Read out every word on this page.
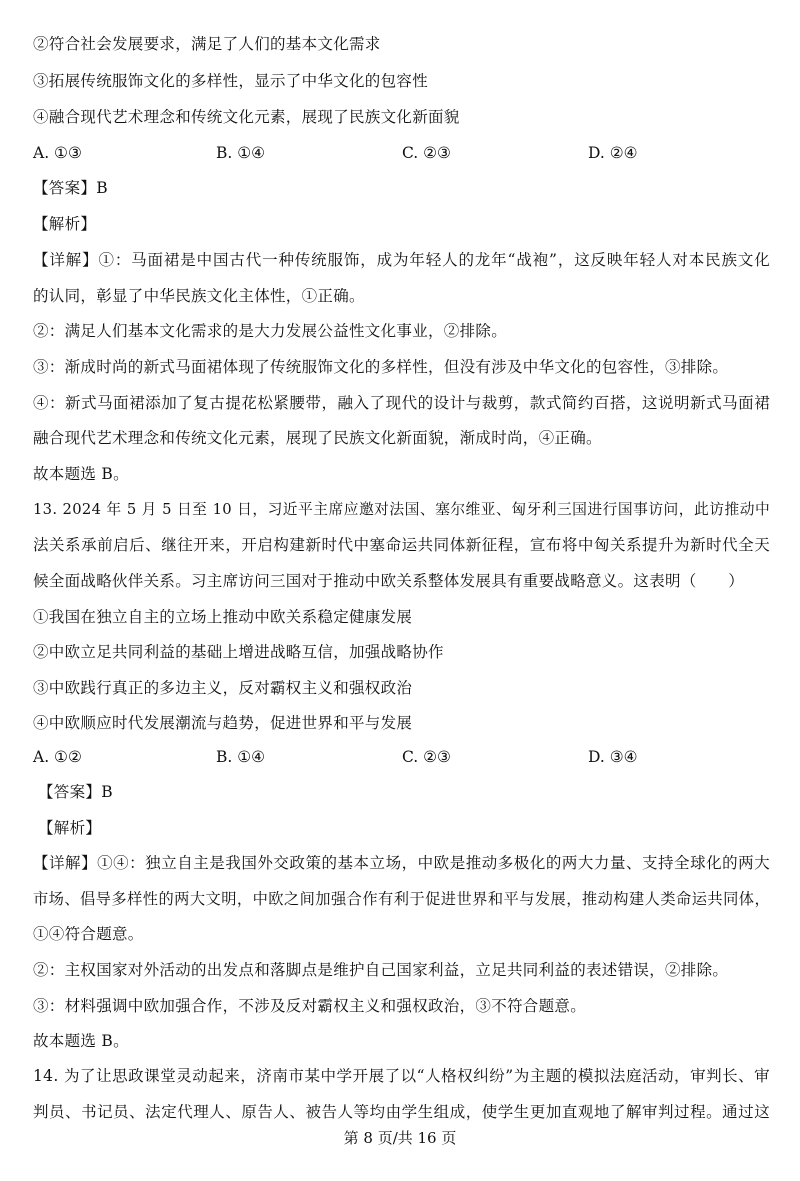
②符合社会发展要求，满足了人们的基本文化需求
③拓展传统服饰文化的多样性，显示了中华文化的包容性
④融合现代艺术理念和传统文化元素，展现了民族文化新面貌
A. ①③	B. ①④	C. ②③	D. ②④
【答案】B
【解析】
【详解】①：马面裙是中国古代一种传统服饰，成为年轻人的龙年“战袍”，这反映年轻人对本民族文化
的认同，彰显了中华民族文化主体性，①正确。
②：满足人们基本文化需求的是大力发展公益性文化事业，②排除。
③：渐成时尚的新式马面裙体现了传统服饰文化的多样性，但没有涉及中华文化的包容性，③排除。
④：新式马面裙添加了复古提花松紧腰带，融入了现代的设计与裁剪，款式简约百搭，这说明新式马面裙
融合现代艺术理念和传统文化元素，展现了民族文化新面貌，渐成时尚，④正确。
故本题选 B。
13. 2024 年 5 月 5 日至 10 日，习近平主席应邀对法国、塞尔维亚、匈牙利三国进行国事访问，此访推动中
法关系承前启后、继往开来，开启构建新时代中塞命运共同体新征程，宣布将中匈关系提升为新时代全天
候全面战略伙伴关系。习主席访问三国对于推动中欧关系整体发展具有重要战略意义。这表明（　　）
①我国在独立自主的立场上推动中欧关系稳定健康发展
②中欧立足共同利益的基础上增进战略互信，加强战略协作
③中欧践行真正的多边主义，反对霸权主义和强权政治
④中欧顺应时代发展潮流与趋势，促进世界和平与发展
A. ①②	B. ①④	C. ②③	D. ③④
【答案】B
【解析】
【详解】①④：独立自主是我国外交政策的基本立场，中欧是推动多极化的两大力量、支持全球化的两大
市场、倡导多样性的两大文明，中欧之间加强合作有利于促进世界和平与发展，推动构建人类命运共同体，
①④符合题意。
②：主权国家对外活动的出发点和落脚点是维护自己国家利益，立足共同利益的表述错误，②排除。
③：材料强调中欧加强合作，不涉及反对霸权主义和强权政治，③不符合题意。
故本题选 B。
14. 为了让思政课堂灵动起来，济南市某中学开展了以“人格权纠纷”为主题的模拟法庭活动，审判长、审
判员、书记员、法定代理人、原告人、被告人等均由学生组成，使学生更加直观地了解审判过程。通过这
第 8 页/共 16 页
